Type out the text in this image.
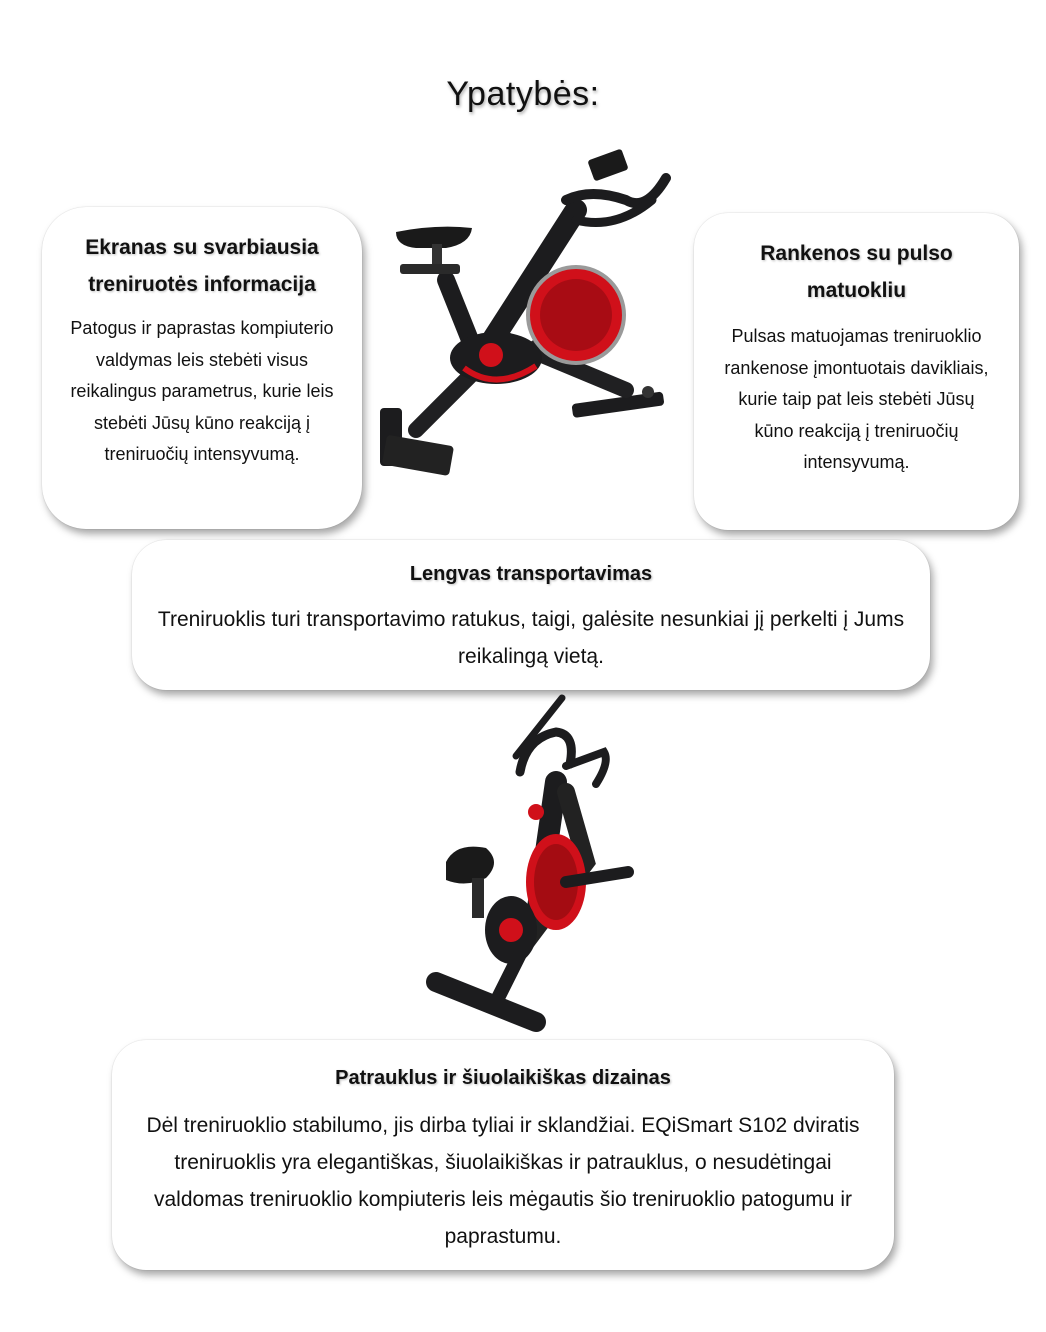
Ypatybės:
Ekranas su svarbiausia treniruotės informacija

Patogus ir paprastas kompiuterio valdymas leis stebėti visus reikalingus parametrus, kurie leis stebėti Jūsų kūno reakciją į treniruočių intensyvumą.

Rankenos su pulso matuokliu

Pulsas matuojamas treniruoklio rankenose įmontuotais davikliais, kurie taip pat leis stebėti Jūsų kūno reakciją į treniruočių intensyvumą.

Lengvas transportavimas

Treniruoklis turi transportavimo ratukus, taigi, galėsite nesunkiai jį perkelti į Jums reikalingą vietą.

Patrauklus ir šiuolaikiškas dizainas

Dėl treniruoklio stabilumo, jis dirba tyliai ir sklandžiai. EQiSmart S102 dviratis treniruoklis yra elegantiškas, šiuolaikiškas ir patrauklus, o nesudėtingai valdomas treniruoklio kompiuteris leis mėgautis šio treniruoklio patogumu ir paprastumu.
